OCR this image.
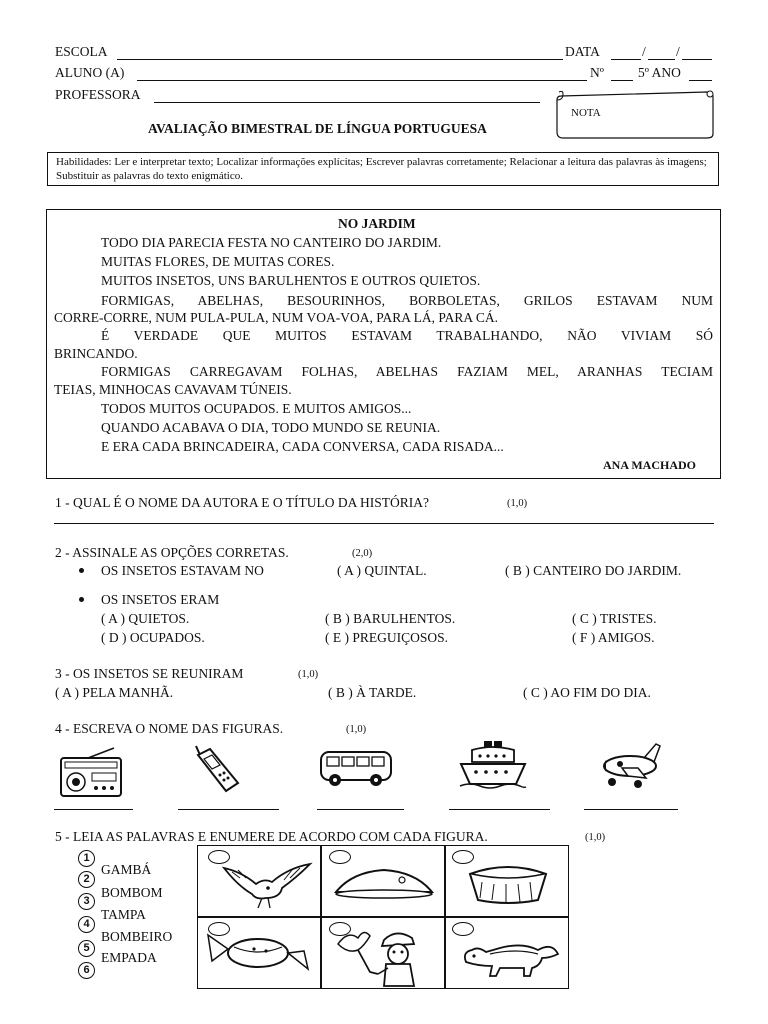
ESCOLA	DATA	/ /
ALUNO (A)	Nº	5º ANO
PROFESSORA
NOTA
AVALIAÇÃO BIMESTRAL DE LÍNGUA PORTUGUESA
Habilidades: Ler e interpretar texto; Localizar informações explícitas; Escrever palavras corretamente; Relacionar a leitura das palavras às imagens; Substituir as palavras do texto enigmático.
NO JARDIM
TODO DIA PARECIA FESTA NO CANTEIRO DO JARDIM.
MUITAS FLORES, DE MUITAS CORES.
MUITOS INSETOS, UNS BARULHENTOS E OUTROS QUIETOS.
FORMIGAS, ABELHAS, BESOURINHOS, BORBOLETAS, GRILOS ESTAVAM NUM
CORRE-CORRE, NUM PULA-PULA, NUM VOA-VOA, PARA LÁ, PARA CÁ.
É VERDADE QUE MUITOS ESTAVAM TRABALHANDO, NÃO VIVIAM SÓ
BRINCANDO.
FORMIGAS CARREGAVAM FOLHAS, ABELHAS FAZIAM MEL, ARANHAS TECIAM
TEIAS, MINHOCAS CAVAVAM TÚNEIS.
TODOS MUITOS OCUPADOS. E MUITOS AMIGOS...
QUANDO ACABAVA O DIA, TODO MUNDO SE REUNIA.
E ERA CADA BRINCADEIRA, CADA CONVERSA, CADA RISADA...
ANA MACHADO
1 - QUAL É O NOME DA AUTORA E O TÍTULO DA HISTÓRIA?	(1,0)
2 - ASSINALE AS OPÇÕES CORRETAS.	(2,0)
OS INSETOS ESTAVAM NO	( A ) QUINTAL.	( B ) CANTEIRO DO JARDIM.
OS INSETOS ERAM
( A ) QUIETOS.	( B ) BARULHENTOS.	( C ) TRISTES.
( D ) OCUPADOS.	( E ) PREGUIÇOSOS.	( F ) AMIGOS.
3 - OS INSETOS SE REUNIRAM	(1,0)
( A ) PELA MANHÃ.	( B ) À TARDE.	( C ) AO FIM DO DIA.
4 - ESCREVA O NOME DAS FIGURAS.	(1,0)
5 - LEIA AS PALAVRAS E ENUMERE DE ACORDO COM CADA FIGURA.	(1,0)
1
2
3
4
5
6
GAMBÁ
BOMBOM
TAMPA
BOMBEIRO
EMPADA
